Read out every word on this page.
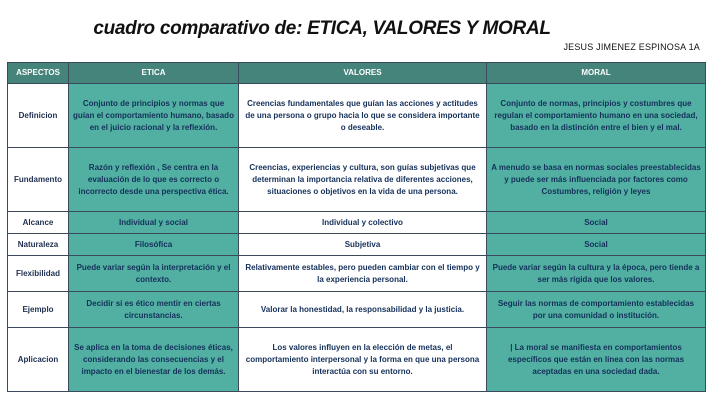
cuadro comparativo de: ETICA, VALORES Y MORAL
JESUS JIMENEZ ESPINOSA 1A
ASPECTOS	ETICA	VALORES	MORAL
Definicion	Conjunto de principios y normas que guían el comportamiento humano, basado en el juicio racional y la reflexión.	Creencias fundamentales que guían las acciones y actitudes de una persona o grupo hacia lo que se considera importante o deseable.	Conjunto de normas, principios y costumbres que regulan el comportamiento humano en una sociedad, basado en la distinción entre el bien y el mal.
Fundamento	Razón y reflexión , Se centra en la evaluación de lo que es correcto o incorrecto desde una perspectiva ética.	Creencias, experiencias y cultura, son guías subjetivas que determinan la importancia relativa de diferentes acciones, situaciones o objetivos en la vida de una persona.	A menudo se basa en normas sociales preestablecidas y puede ser más influenciada por factores como Costumbres, religión y leyes
Alcance	Individual y social	Individual y colectivo	Social
Naturaleza	Filosófica	Subjetiva	Social
Flexibilidad	Puede variar según la interpretación y el contexto.	Relativamente estables, pero pueden cambiar con el tiempo y la experiencia personal.	Puede variar según la cultura y la época, pero tiende a ser más rígida que los valores.
Ejemplo	Decidir si es ético mentir en ciertas circunstancias.	Valorar la honestidad, la responsabilidad y la justicia.	Seguir las normas de comportamiento establecidas por una comunidad o institución.
Aplicacion	Se aplica en la toma de decisiones éticas, considerando las consecuencias y el impacto en el bienestar de los demás.	Los valores influyen en la elección de metas, el comportamiento interpersonal y la forma en que una persona interactúa con su entorno.	| La moral se manifiesta en comportamientos específicos que están en línea con las normas aceptadas en una sociedad dada.
